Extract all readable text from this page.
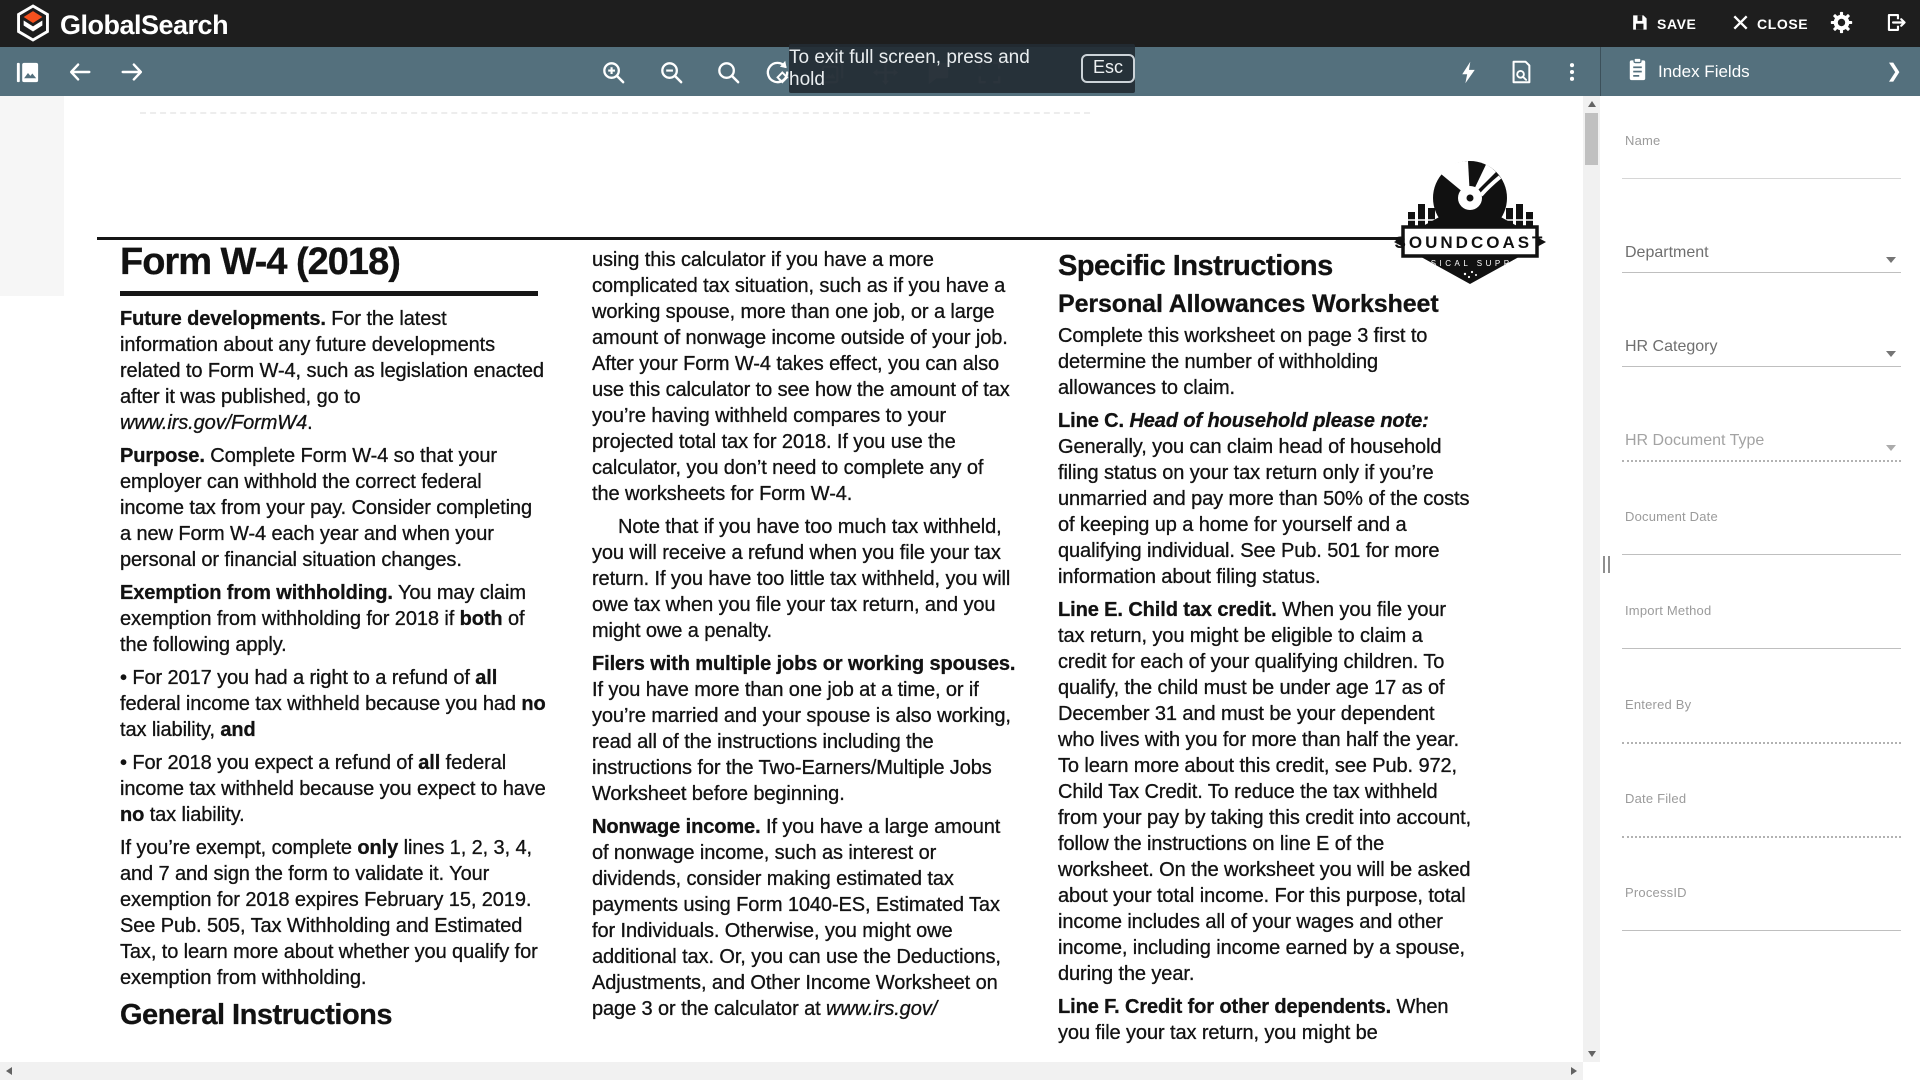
GlobalSearch	SAVE	CLOSE
Index Fields	❯
To exit full screen, press and hold
Esc
Form W-4 (2018)

Future developments. For the latest information about any future developments related to Form W-4, such as legislation enacted after it was published, go to www.irs.gov/FormW4.

Purpose. Complete Form W-4 so that your employer can withhold the correct federal income tax from your pay. Consider completing a new Form W-4 each year and when your personal or financial situation changes.

Exemption from withholding. You may claim exemption from withholding for 2018 if both of the following apply.

• For 2017 you had a right to a refund of all federal income tax withheld because you had no tax liability, and

• For 2018 you expect a refund of all federal income tax withheld because you expect to have no tax liability.

If you’re exempt, complete only lines 1, 2, 3, 4, and 7 and sign the form to validate it. Your exemption for 2018 expires February 15, 2019. See Pub. 505, Tax Withholding and Estimated Tax, to learn more about whether you qualify for exemption from withholding.

General Instructions

using this calculator if you have a more complicated tax situation, such as if you have a working spouse, more than one job, or a large amount of nonwage income outside of your job. After your Form W-4 takes effect, you can also use this calculator to see how the amount of tax you’re having withheld compares to your projected total tax for 2018. If you use the calculator, you don’t need to complete any of the worksheets for Form W-4.

Note that if you have too much tax withheld, you will receive a refund when you file your tax return. If you have too little tax withheld, you will owe tax when you file your tax return, and you might owe a penalty.

Filers with multiple jobs or working spouses. If you have more than one job at a time, or if you’re married and your spouse is also working, read all of the instructions including the instructions for the Two-Earners/Multiple Jobs Worksheet before beginning.

Nonwage income. If you have a large amount of nonwage income, such as interest or dividends, consider making estimated tax payments using Form 1040-ES, Estimated Tax for Individuals. Otherwise, you might owe additional tax. Or, you can use the Deductions, Adjustments, and Other Income Worksheet on page 3 or the calculator at www.irs.gov/

Specific Instructions
Personal Allowances Worksheet

Complete this worksheet on page 3 first to determine the number of withholding allowances to claim.

Line C. Head of household please note: Generally, you can claim head of household filing status on your tax return only if you’re unmarried and pay more than 50% of the costs of keeping up a home for yourself and a qualifying individual. See Pub. 501 for more information about filing status.

Line E. Child tax credit. When you file your tax return, you might be eligible to claim a credit for each of your qualifying children. To qualify, the child must be under age 17 as of December 31 and must be your dependent who lives with you for more than half the year. To learn more about this credit, see Pub. 972, Child Tax Credit. To reduce the tax withheld from your pay by taking this credit into account, follow the instructions on line E of the worksheet. On the worksheet you will be asked about your total income. For this purpose, total income includes all of your wages and other income, including income earned by a spouse, during the year.

Line F. Credit for other dependents. When you file your tax return, you might be

SOUNDCOAST
MUSICAL SUPPLY
Name
Department
HR Category
HR Document Type
Document Date
Import Method
Entered By
Date Filed
ProcessID
